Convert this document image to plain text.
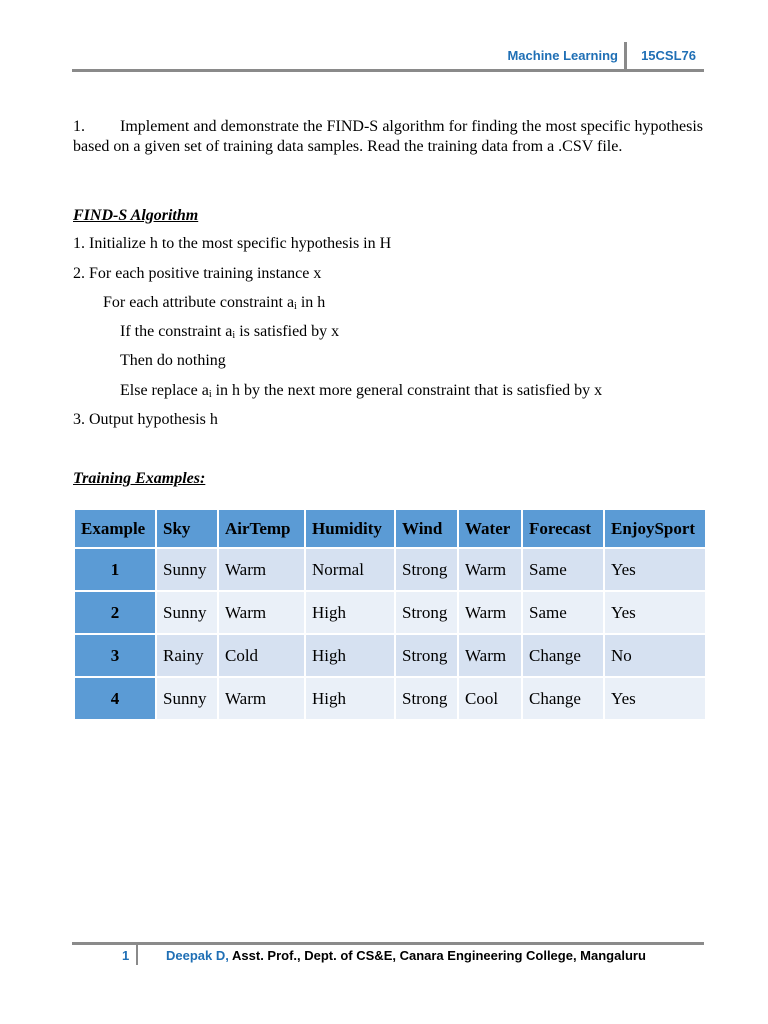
Machine Learning 15CSL76
1. Implement and demonstrate the FIND-S algorithm for finding the most specific hypothesis based on a given set of training data samples. Read the training data from a .CSV file.
FIND-S Algorithm
1. Initialize h to the most specific hypothesis in H
2. For each positive training instance x
For each attribute constraint $a_i$ in h
If the constraint $a_i$ is satisfied by x
Then do nothing
Else replace $a_i$ in h by the next more general constraint that is satisfied by x
3. Output hypothesis h
Training Examples:
Example	Sky	AirTemp	Humidity	Wind	Water	Forecast	EnjoySport
1	Sunny	Warm	Normal	Strong	Warm	Same	Yes
2	Sunny	Warm	High	Strong	Warm	Same	Yes
3	Rainy	Cold	High	Strong	Warm	Change	No
4	Sunny	Warm	High	Strong	Cool	Change	Yes
1	Deepak D, Asst. Prof., Dept. of CS&E, Canara Engineering College, Mangaluru
